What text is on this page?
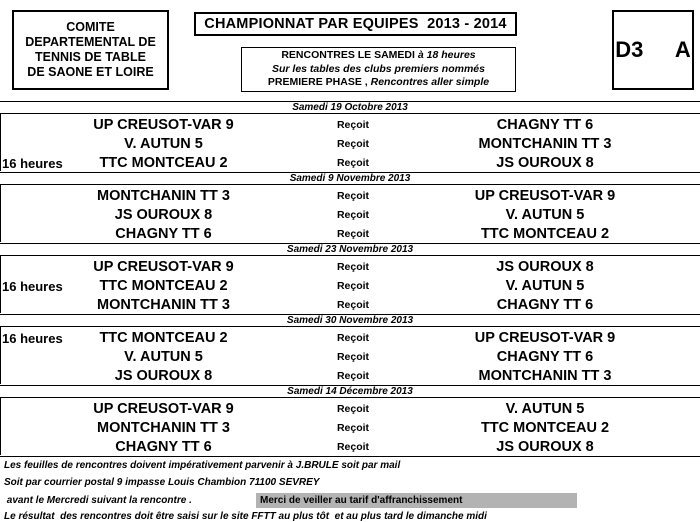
COMITE
DEPARTEMENTAL DE
TENNIS DE TABLE
DE SAONE ET LOIRE
CHAMPIONNAT PAR EQUIPES  2013 - 2014
RENCONTRES LE SAMEDI à 18 heures
Sur les tables des clubs premiers nommés
PREMIERE PHASE , Rencontres aller simple
D3  A
Samedi 19 Octobre 2013
UP CREUSOT-VAR 9	Reçoit	CHAGNY TT 6
V. AUTUN 5	Reçoit	MONTCHANIN TT 3
16 heures	TTC MONTCEAU 2	Reçoit	JS OUROUX 8
Samedi 9 Novembre 2013
MONTCHANIN TT 3	Reçoit	UP CREUSOT-VAR 9
JS OUROUX 8	Reçoit	V. AUTUN 5
CHAGNY TT 6	Reçoit	TTC MONTCEAU 2
Samedi 23 Novembre 2013
UP CREUSOT-VAR 9	Reçoit	JS OUROUX 8
16 heures	TTC MONTCEAU 2	Reçoit	V. AUTUN 5
MONTCHANIN TT 3	Reçoit	CHAGNY TT 6
Samedi 30 Novembre 2013
16 heures	TTC MONTCEAU 2	Reçoit	UP CREUSOT-VAR 9
V. AUTUN 5	Reçoit	CHAGNY TT 6
JS OUROUX 8	Reçoit	MONTCHANIN TT 3
Samedi 14 Décembre 2013
UP CREUSOT-VAR 9	Reçoit	V. AUTUN 5
MONTCHANIN TT 3	Reçoit	TTC MONTCEAU 2
CHAGNY TT 6	Reçoit	JS OUROUX 8
Les feuilles de rencontres doivent impérativement parvenir à J.BRULE soit par mail
Soit par courrier postal 9 impasse Louis Chambion 71100 SEVREY
avant le Mercredi suivant la rencontre .	Merci de veiller au tarif d'affranchissement
Le résultat  des rencontres doit être saisi sur le site FFTT au plus tôt  et au plus tard le dimanche midi
